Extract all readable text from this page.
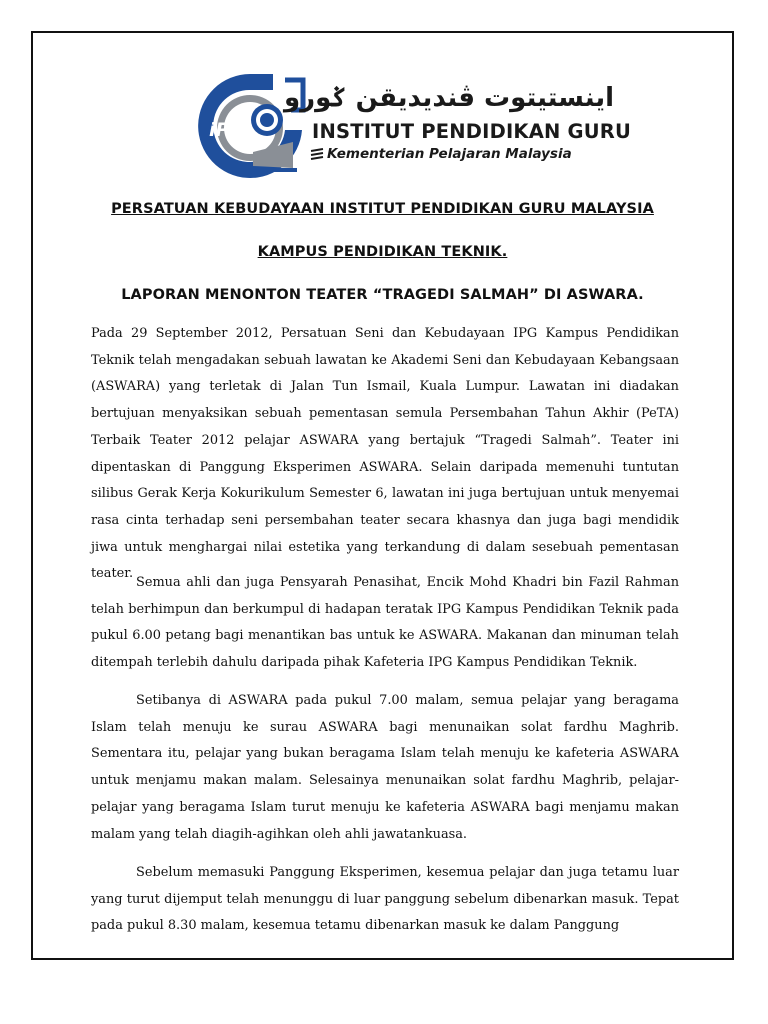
iPG
اينستيتوت ڤنديديقن ݢورو
INSTITUT PENDIDIKAN GURU
Kementerian Pelajaran Malaysia
PERSATUAN KEBUDAYAAN INSTITUT PENDIDIKAN GURU MALAYSIA
KAMPUS PENDIDIKAN TEKNIK.
LAPORAN MENONTON TEATER “TRAGEDI SALMAH” DI ASWARA.

Pada 29 September 2012, Persatuan Seni dan Kebudayaan IPG Kampus Pendidikan Teknik telah mengadakan sebuah lawatan ke Akademi Seni dan Kebudayaan Kebangsaan (ASWARA) yang terletak di Jalan Tun Ismail, Kuala Lumpur. Lawatan ini diadakan bertujuan menyaksikan sebuah pementasan semula Persembahan Tahun Akhir (PeTA) Terbaik Teater 2012 pelajar ASWARA yang bertajuk “Tragedi Salmah”. Teater ini dipentaskan di Panggung Eksperimen ASWARA. Selain daripada memenuhi tuntutan silibus Gerak Kerja Kokurikulum Semester 6, lawatan ini juga bertujuan untuk menyemai rasa cinta terhadap seni persembahan teater secara khasnya dan juga bagi mendidik jiwa untuk menghargai nilai estetika yang terkandung di dalam sesebuah pementasan teater.

Semua ahli dan juga Pensyarah Penasihat, Encik Mohd Khadri bin Fazil Rahman telah berhimpun dan berkumpul di hadapan teratak IPG Kampus Pendidikan Teknik pada pukul 6.00 petang bagi menantikan bas untuk ke ASWARA. Makanan dan minuman telah ditempah terlebih dahulu daripada pihak Kafeteria IPG Kampus Pendidikan Teknik.

Setibanya di ASWARA pada pukul 7.00 malam, semua pelajar yang beragama Islam telah menuju ke surau ASWARA bagi menunaikan solat fardhu Maghrib. Sementara itu, pelajar yang bukan beragama Islam telah menuju ke kafeteria ASWARA untuk menjamu makan malam. Selesainya menunaikan solat fardhu Maghrib, pelajar-pelajar yang beragama Islam turut menuju ke kafeteria ASWARA bagi menjamu makan malam yang telah diagih-agihkan oleh ahli jawatankuasa.

Sebelum memasuki Panggung Eksperimen, kesemua pelajar dan juga tetamu luar yang turut dijemput telah menunggu di luar panggung sebelum dibenarkan masuk. Tepat pada pukul 8.30 malam, kesemua tetamu dibenarkan masuk ke dalam Panggung
